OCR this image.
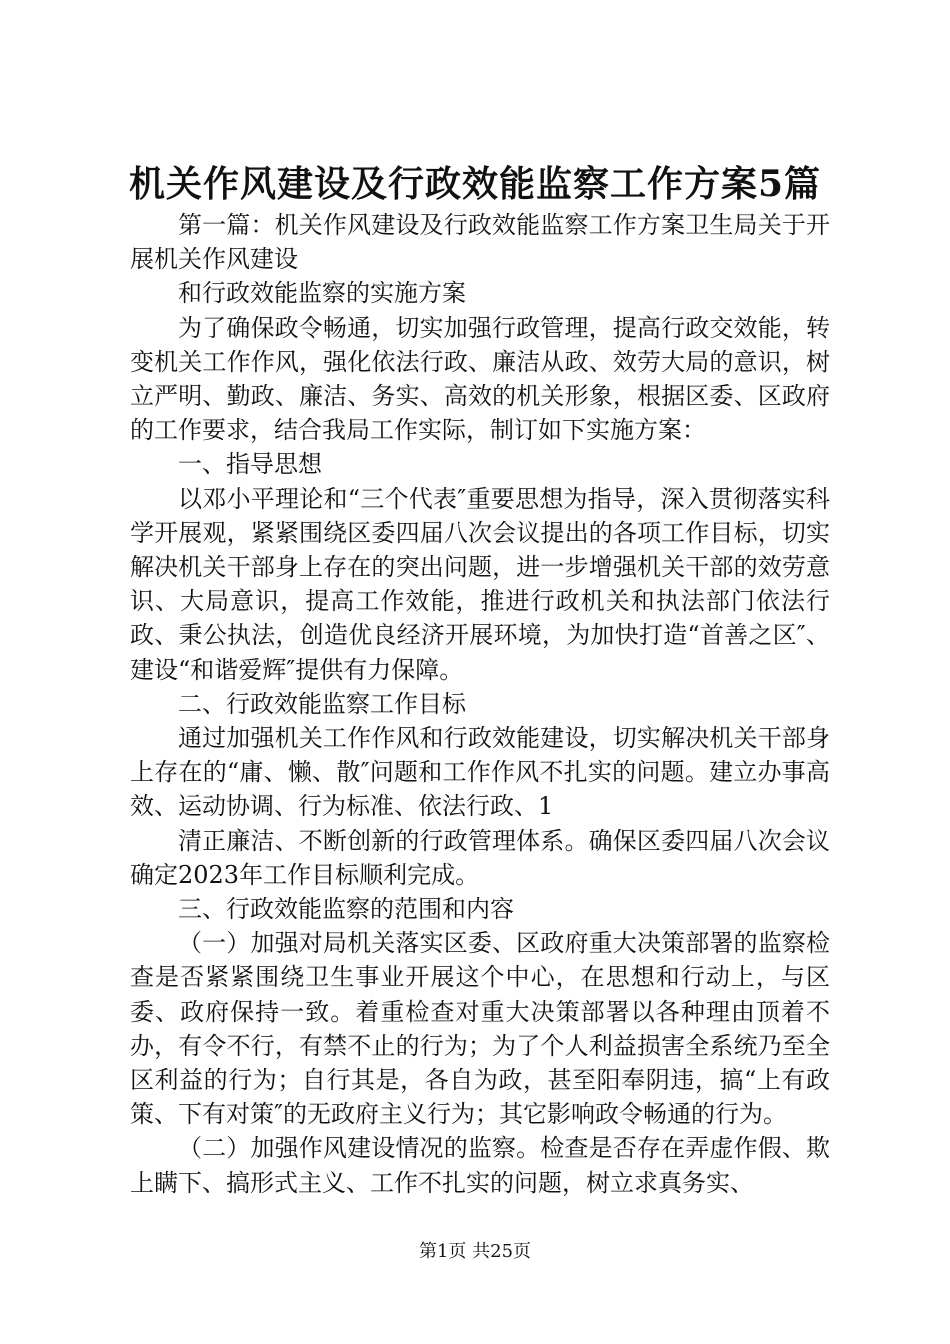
机关作风建设及行政效能监察工作方案5篇

第一篇：机关作风建设及行政效能监察工作方案卫生局关于开展机关作风建设

和行政效能监察的实施方案

为了确保政令畅通，切实加强行政管理，提高行政交效能，转变机关工作作风，强化依法行政、廉洁从政、效劳大局的意识，树立严明、勤政、廉洁、务实、高效的机关形象，根据区委、区政府的工作要求，结合我局工作实际，制订如下实施方案：

一、指导思想

以邓小平理论和“三个代表″重要思想为指导，深入贯彻落实科学开展观，紧紧围绕区委四届八次会议提出的各项工作目标，切实解决机关干部身上存在的突出问题，进一步增强机关干部的效劳意识、大局意识，提高工作效能，推进行政机关和执法部门依法行政、秉公执法，创造优良经济开展环境，为加快打造“首善之区″、建设“和谐爱辉″提供有力保障。

二、行政效能监察工作目标

通过加强机关工作作风和行政效能建设，切实解决机关干部身上存在的“庸、懒、散″问题和工作作风不扎实的问题。建立办事高效、运动协调、行为标准、依法行政、1

清正廉洁、不断创新的行政管理体系。确保区委四届八次会议确定2023年工作目标顺利完成。

三、行政效能监察的范围和内容

（一）加强对局机关落实区委、区政府重大决策部署的监察检查是否紧紧围绕卫生事业开展这个中心，在思想和行动上，与区委、政府保持一致。着重检查对重大决策部署以各种理由顶着不办，有令不行，有禁不止的行为；为了个人利益损害全系统乃至全区利益的行为；自行其是，各自为政，甚至阳奉阴违，搞“上有政策、下有对策″的无政府主义行为；其它影响政令畅通的行为。

（二）加强作风建设情况的监察。检查是否存在弄虚作假、欺上瞒下、搞形式主义、工作不扎实的问题，树立求真务实、

第1页 共25页
